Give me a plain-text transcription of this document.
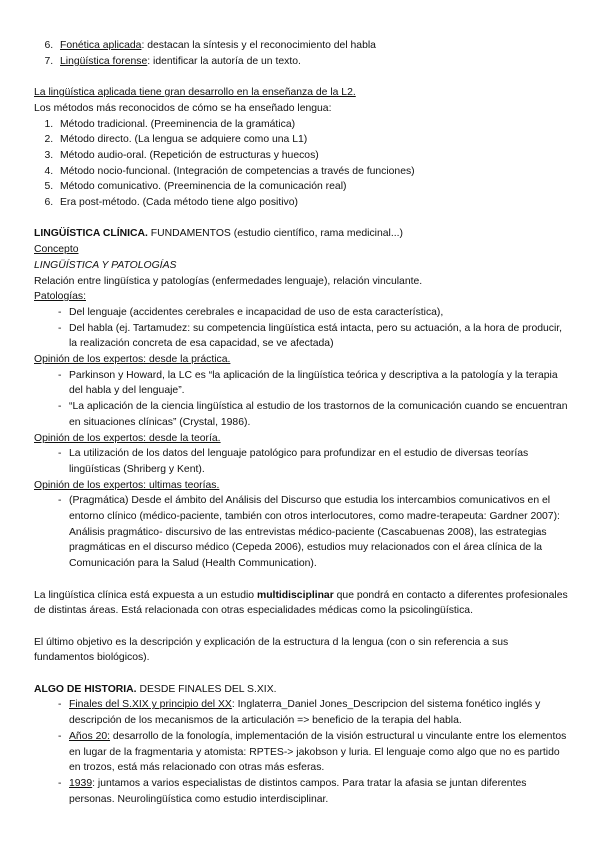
6. Fonética aplicada: destacan la síntesis y el reconocimiento del habla
7. Lingüística forense: identificar la autoría de un texto.

La lingüística aplicada tiene gran desarrollo en la enseñanza de la L2.

Los métodos más reconocidos de cómo se ha enseñado lengua:

1. Método tradicional. (Preeminencia de la gramática)
2. Método directo. (La lengua se adquiere como una L1)
3. Método audio-oral. (Repetición de estructuras y huecos)
4. Método nocio-funcional. (Integración de competencias a través de funciones)
5. Método comunicativo. (Preeminencia de la comunicación real)
6. Era post-método. (Cada método tiene algo positivo)

LINGÜÍSTICA CLÍNICA. FUNDAMENTOS (estudio científico, rama medicinal...)

Concepto

LINGÜÍSTICA Y PATOLOGÍAS

Relación entre lingüística y patologías (enfermedades lenguaje), relación vinculante.

Patologías:

- Del lenguaje (accidentes cerebrales e incapacidad de uso de esta característica),
- Del habla (ej. Tartamudez: su competencia lingüística está intacta, pero su actuación, a la hora de producir, la realización concreta de esa capacidad, se ve afectada)

Opinión de los expertos: desde la práctica.

- Parkinson y Howard, la LC es “la aplicación de la lingüística teórica y descriptiva a la patología y la terapia del habla y del lenguaje”.
- “La aplicación de la ciencia lingüística al estudio de los trastornos de la comunicación cuando se encuentran en situaciones clínicas” (Crystal, 1986).

Opinión de los expertos: desde la teoría.

- La utilización de los datos del lenguaje patológico para profundizar en el estudio de diversas teorías lingüísticas (Shriberg y Kent).

Opinión de los expertos: ultimas teorías.

- (Pragmática) Desde el ámbito del Análisis del Discurso que estudia los intercambios comunicativos en el entorno clínico (médico-paciente, también con otros interlocutores, como madre-terapeuta: Gardner 2007): Análisis pragmático- discursivo de las entrevistas médico-paciente (Cascabuenas 2008), las estrategias pragmáticas en el discurso médico (Cepeda 2006), estudios muy relacionados con el área clínica de la Comunicación para la Salud (Health Communication).

La lingüística clínica está expuesta a un estudio multidisciplinar que pondrá en contacto a diferentes profesionales de distintas áreas. Está relacionada con otras especialidades médicas como la psicolingüística.

El último objetivo es la descripción y explicación de la estructura d la lengua (con o sin referencia a sus fundamentos biológicos).

ALGO DE HISTORIA. DESDE FINALES DEL S.XIX.

- Finales del S.XIX y principio del XX: Inglaterra_Daniel Jones_Descripcion del sistema fonético inglés y descripción de los mecanismos de la articulación => beneficio de la terapia del habla.
- Años 20: desarrollo de la fonología, implementación de la visión estructural u vinculante entre los elementos en lugar de la fragmentaria y atomista: RPTES-> jakobson y luria. El lenguaje como algo que no es partido en trozos, está más relacionado con otras más esferas.
- 1939: juntamos a varios especialistas de distintos campos. Para tratar la afasia se juntan diferentes personas. Neurolingüística como estudio interdisciplinar.
